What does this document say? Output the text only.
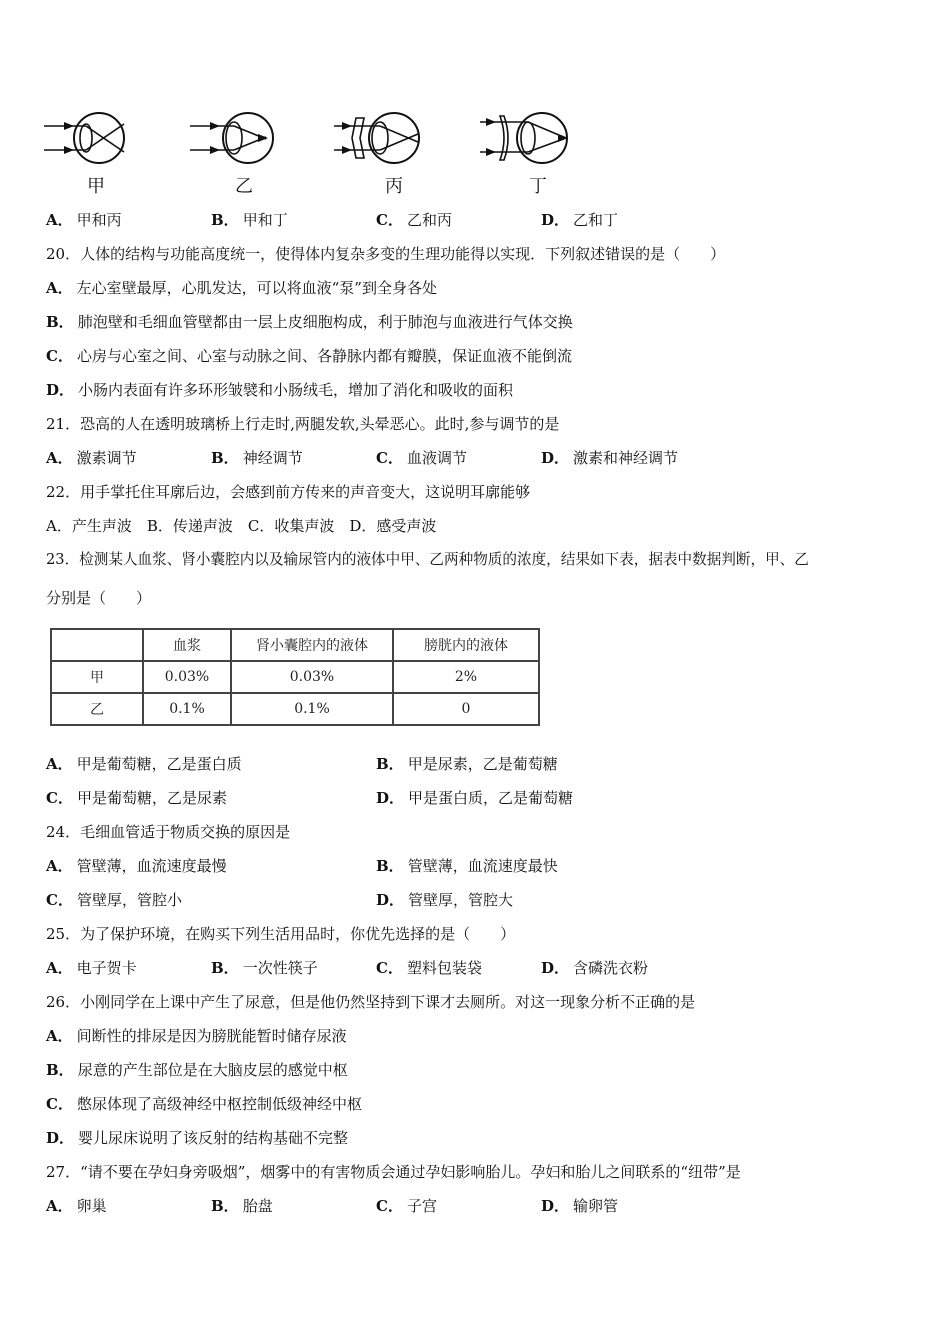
甲	乙	丙	丁
A． 甲和丙	B． 甲和丁	C． 乙和丙	D． 乙和丁
20．人体的结构与功能高度统一，使得体内复杂多变的生理功能得以实现．下列叙述错误的是（　　）
A． 左心室壁最厚，心肌发达，可以将血液“泵”到全身各处
B． 肺泡壁和毛细血管壁都由一层上皮细胞构成，利于肺泡与血液进行气体交换
C． 心房与心室之间、心室与动脉之间、各静脉内都有瓣膜，保证血液不能倒流
D． 小肠内表面有许多环形皱襞和小肠绒毛，增加了消化和吸收的面积
21．恐高的人在透明玻璃桥上行走时,两腿发软,头晕恶心。此时,参与调节的是
A． 激素调节	B． 神经调节	C． 血液调节	D． 激素和神经调节
22．用手掌托住耳廓后边，会感到前方传来的声音变大，这说明耳廓能够
A．产生声波　B．传递声波　C．收集声波　D．感受声波
23．检测某人血浆、肾小囊腔内以及输尿管内的液体中甲、乙两种物质的浓度，结果如下表，据表中数据判断，甲、乙
分别是（　　）
	血浆	肾小囊腔内的液体	膀胱内的液体
甲	0.03%	0.03%	2%
乙	0.1%	0.1%	0
A． 甲是葡萄糖，乙是蛋白质	B． 甲是尿素，乙是葡萄糖
C． 甲是葡萄糖，乙是尿素	D． 甲是蛋白质，乙是葡萄糖
24．毛细血管适于物质交换的原因是
A． 管壁薄，血流速度最慢	B． 管壁薄，血流速度最快
C． 管壁厚，管腔小	D． 管壁厚，管腔大
25．为了保护环境，在购买下列生活用品时，你优先选择的是（　　）
A． 电子贺卡	B． 一次性筷子	C． 塑料包装袋	D． 含磷洗衣粉
26．小刚同学在上课中产生了尿意，但是他仍然坚持到下课才去厕所。对这一现象分析不正确的是
A． 间断性的排尿是因为膀胱能暂时储存尿液
B． 尿意的产生部位是在大脑皮层的感觉中枢
C． 憋尿体现了高级神经中枢控制低级神经中枢
D． 婴儿尿床说明了该反射的结构基础不完整
27．“请不要在孕妇身旁吸烟”，烟雾中的有害物质会通过孕妇影响胎儿。孕妇和胎儿之间联系的“纽带”是
A． 卵巢	B． 胎盘	C． 子宫	D． 输卵管
